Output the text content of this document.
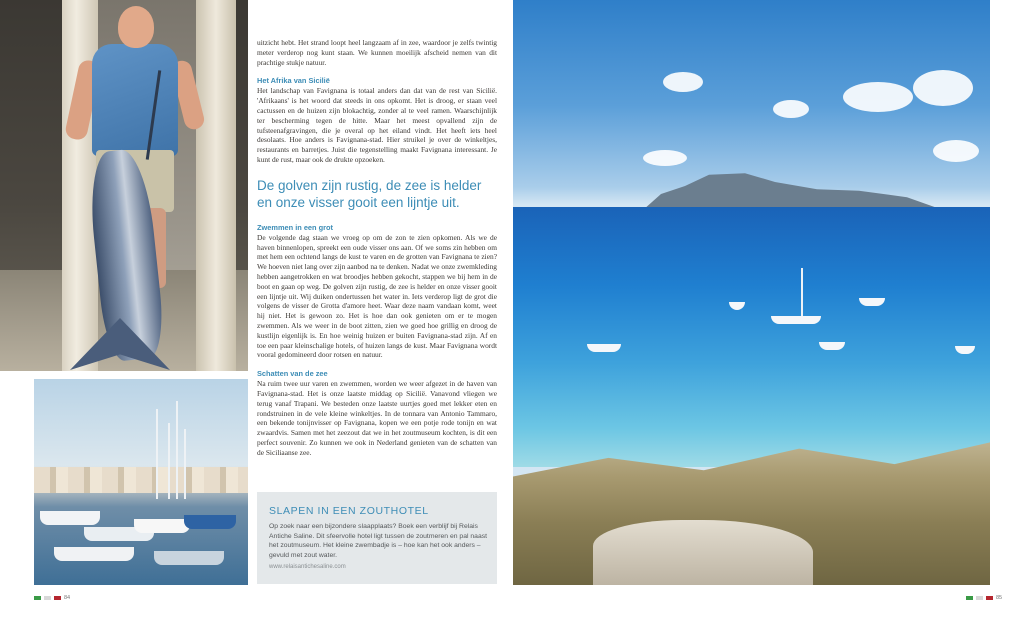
uitzicht hebt. Het strand loopt heel langzaam af in zee, waardoor je zelfs twintig meter verderop nog kunt staan. We kunnen moeilijk afscheid nemen van dit prachtige stukje natuur.

Het Afrika van Sicilië

Het landschap van Favignana is totaal anders dan dat van de rest van Sicilië. 'Afrikaans' is het woord dat steeds in ons opkomt. Het is droog, er staan veel cactussen en de huizen zijn blokachtig, zonder al te veel ramen. Waarschijnlijk ter bescherming tegen de hitte. Maar het meest opvallend zijn de tufsteenafgravingen, die je overal op het eiland vindt. Het heeft iets heel desolaats. Hoe anders is Favignana-stad. Hier struikel je over de winkeltjes, restaurants en barretjes. Juist die tegenstelling maakt Favignana interessant. Je kunt de rust, maar ook de drukte opzoeken.

De golven zijn rustig, de zee is helder en onze visser gooit een lijntje uit.
Zwemmen in een grot

De volgende dag staan we vroeg op om de zon te zien opkomen. Als we de haven binnenlopen, spreekt een oude visser ons aan. Of we soms zin hebben om met hem een ochtend langs de kust te varen en de grotten van Favignana te zien? We hoeven niet lang over zijn aanbod na te denken. Nadat we onze zwemkleding hebben aangetrokken en wat broodjes hebben gekocht, stappen we bij hem in de boot en gaan op weg. De golven zijn rustig, de zee is helder en onze visser gooit een lijntje uit. Wij duiken ondertussen het water in. Iets verderop ligt de grot die volgens de visser de Grotta d'amore heet. Waar deze naam vandaan komt, weet hij niet. Het is gewoon zo. Het is hoe dan ook genieten om er te mogen zwemmen. Als we weer in de boot zitten, zien we goed hoe grillig en droog de kustlijn eigenlijk is. En hoe weinig huizen er buiten Favignana-stad zijn. Af en toe een paar kleinschalige hotels, of huizen langs de kust. Maar Favignana wordt vooral gedomineerd door rotsen en natuur.

Schatten van de zee

Na ruim twee uur varen en zwemmen, worden we weer afgezet in de haven van Favignana-stad. Het is onze laatste middag op Sicilië. Vanavond vliegen we terug vanaf Trapani. We besteden onze laatste uurtjes goed met lekker eten en rondstruinen in de vele kleine winkeltjes. In de tonnara van Antonio Tammaro, een bekende tonijnvisser op Favignana, kopen we een potje rode tonijn en wat zwaardvis. Samen met het zeezout dat we in het zoutmuseum kochten, is dit een perfect souvenir. Zo kunnen we ook in Nederland genieten van de schatten van de Siciliaanse zee.

SLAPEN IN EEN ZOUTHOTEL

Op zoek naar een bijzondere slaapplaats? Boek een verblijf bij Relais Antiche Saline. Dit sfeervolle hotel ligt tussen de zoutmeren en pal naast het zoutmuseum. Het kleine zwembadje is – hoe kan het ook anders – gevuld met zout water.

www.relaisantichesaline.com

84	85
